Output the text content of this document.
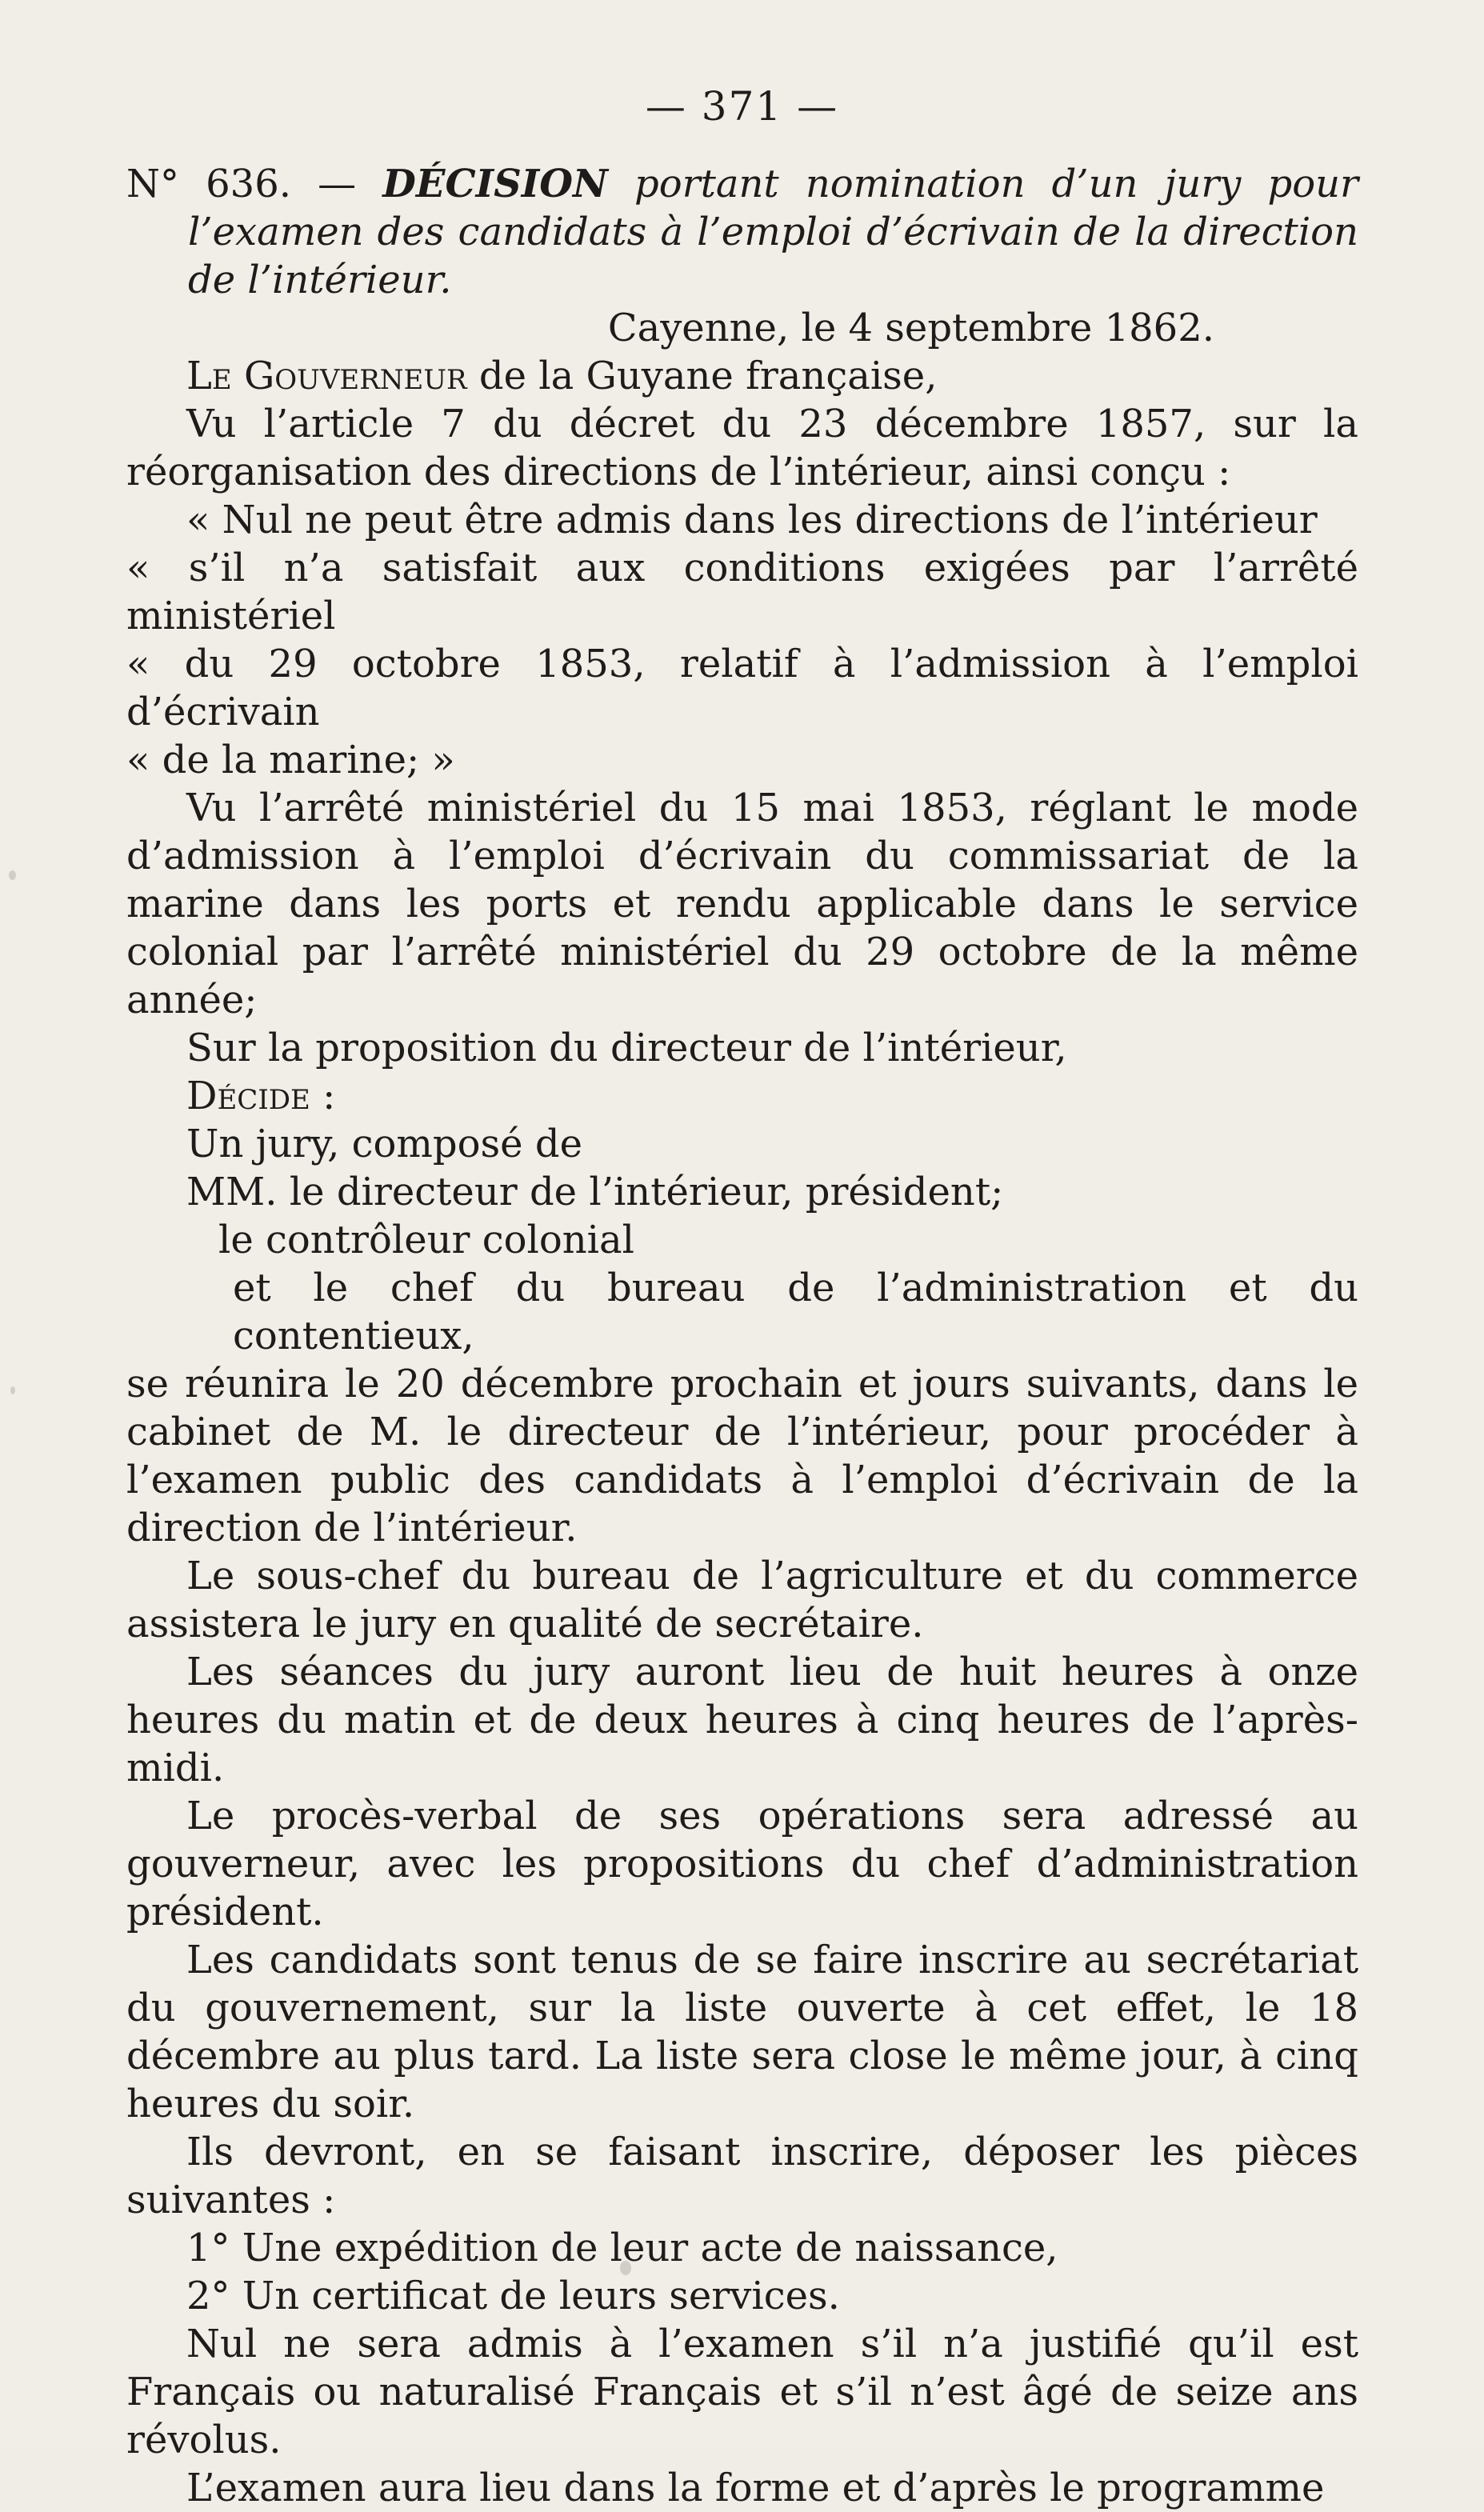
— 371 —

N° 636. — DÉCISION portant nomination d’un jury pour l’examen des candidats à l’emploi d’écrivain de la direction de l’intérieur.

Cayenne, le 4 septembre 1862.

Le Gouverneur de la Guyane française,

Vu l’article 7 du décret du 23 décembre 1857, sur la réorganisation des directions de l’intérieur, ainsi conçu :

« Nul ne peut être admis dans les directions de l’intérieur

« s’il n’a satisfait aux conditions exigées par l’arrêté ministériel

« du 29 octobre 1853, relatif à l’admission à l’emploi d’écrivain

« de la marine; »

Vu l’arrêté ministériel du 15 mai 1853, réglant le mode d’admission à l’emploi d’écrivain du commissariat de la marine dans les ports et rendu applicable dans le service colonial par l’arrêté ministériel du 29 octobre de la même année;

Sur la proposition du directeur de l’intérieur,

Décide :

Un jury, composé de

MM. le directeur de l’intérieur, président;

le contrôleur colonial

et le chef du bureau de l’administration et du contentieux,

se réunira le 20 décembre prochain et jours suivants, dans le cabinet de M. le directeur de l’intérieur, pour procéder à l’examen public des candidats à l’emploi d’écrivain de la direction de l’intérieur.

Le sous-chef du bureau de l’agriculture et du commerce assistera le jury en qualité de secrétaire.

Les séances du jury auront lieu de huit heures à onze heures du matin et de deux heures à cinq heures de l’après-midi.

Le procès-verbal de ses opérations sera adressé au gouverneur, avec les propositions du chef d’administration président.

Les candidats sont tenus de se faire inscrire au secrétariat du gouvernement, sur la liste ouverte à cet effet, le 18 décembre au plus tard. La liste sera close le même jour, à cinq heures du soir.

Ils devront, en se faisant inscrire, déposer les pièces suivantes :

1° Une expédition de leur acte de naissance,

2° Un certificat de leurs services.

Nul ne sera admis à l’examen s’il n’a justifié qu’il est Français ou naturalisé Français et s’il n’est âgé de seize ans révolus.

L’examen aura lieu dans la forme et d’après le programme
